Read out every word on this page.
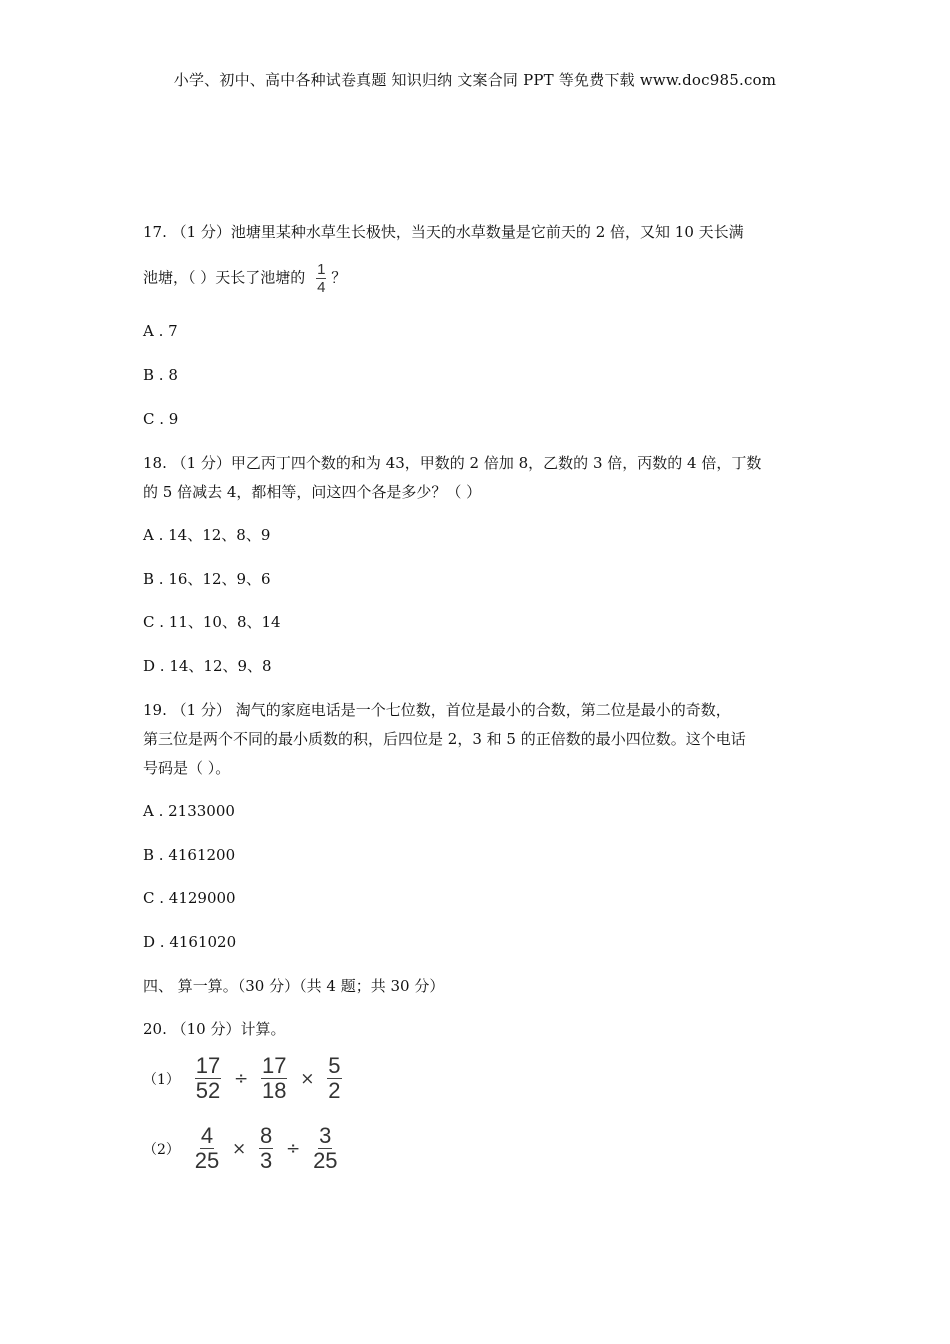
小学、初中、高中各种试卷真题 知识归纳 文案合同 PPT 等免费下载 www.doc985.com
17. （1 分）池塘里某种水草生长极快，当天的水草数量是它前天的 2 倍，又知 10 天长满
池塘，（ ）天长了池塘的 $\frac{1}{4}$ ？
A . 7
B . 8
C . 9
18. （1 分）甲乙丙丁四个数的和为 43，甲数的 2 倍加 8，乙数的 3 倍，丙数的 4 倍，丁数
的 5 倍减去 4，都相等，问这四个各是多少？（ ）
A . 14、12、8、9
B . 16、12、9、6
C . 11、10、8、14
D . 14、12、9、8
19. （1 分） 淘气的家庭电话是一个七位数，首位是最小的合数，第二位是最小的奇数，
第三位是两个不同的最小质数的积，后四位是 2，3 和 5 的正倍数的最小四位数。这个电话
号码是（ ）。
A . 2133000
B . 4161200
C . 4129000
D . 4161020
四、 算一算。（30 分）（共 4 题；共 30 分）
20. （10 分）计算。
$(1) \frac{17}{52} \div \frac{17}{18} \times \frac{5}{2}$
$(2) \frac{4}{25} \times \frac{8}{3} \div \frac{3}{25}$
